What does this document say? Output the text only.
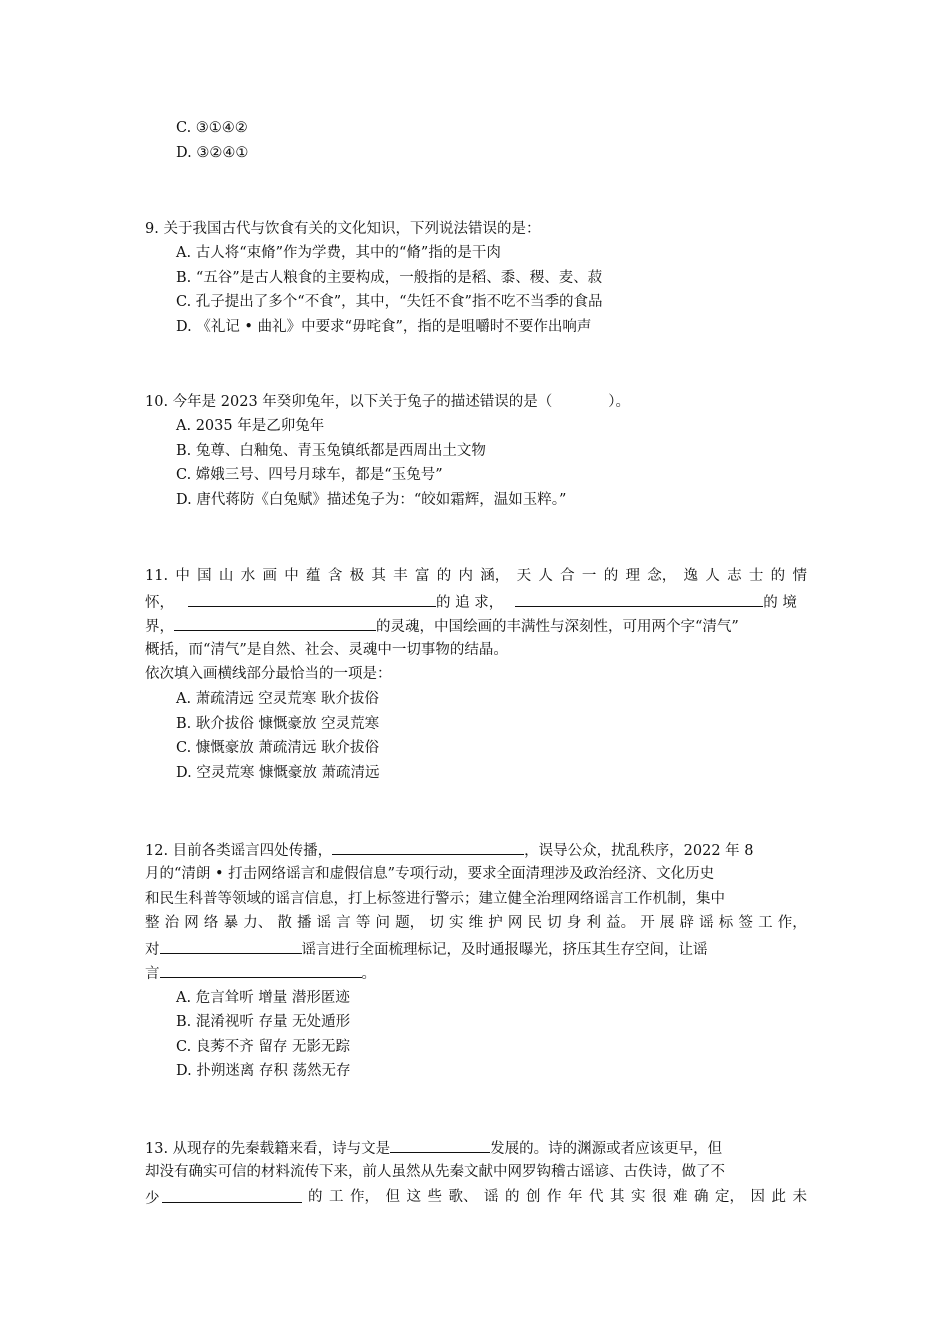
C. ③①④②
D. ③②④①
9. 关于我国古代与饮食有关的文化知识，下列说法错误的是：
A. 古人将“束脩”作为学费，其中的“脩”指的是干肉
B. “五谷”是古人粮食的主要构成，一般指的是稻、黍、稷、麦、菽
C. 孔子提出了多个“不食”，其中，“失饪不食”指不吃不当季的食品
D. 《礼记 • 曲礼》中要求“毋咤食”，指的是咀嚼时不要作出响声
10. 今年是 2023 年癸卯兔年，以下关于兔子的描述错误的是（	）。
A. 2035 年是乙卯兔年
B. 兔尊、白釉兔、青玉兔镇纸都是西周出土文物
C. 嫦娥三号、四号月球车，都是“玉兔号”
D. 唐代蒋防《白兔赋》描述兔子为：“皎如霜辉，温如玉粹。”
11. 中 国 山 水 画 中 蕴 含 极 其 丰 富 的 内 涵， 天 人 合 一 的 理 念， 逸 人 志 士 的 情
怀，	的 追 求，	的 境
界，	的灵魂，中国绘画的丰满性与深刻性，可用两个字“清气”
概括，而“清气”是自然、社会、灵魂中一切事物的结晶。
依次填入画横线部分最恰当的一项是：
A. 萧疏清远 空灵荒寒 耿介拔俗
B. 耿介拔俗 慷慨豪放 空灵荒寒
C. 慷慨豪放 萧疏清远 耿介拔俗
D. 空灵荒寒 慷慨豪放 萧疏清远
12. 目前各类谣言四处传播，	，误导公众，扰乱秩序，2022 年 8
月的“清朗 • 打击网络谣言和虚假信息”专项行动，要求全面清理涉及政治经济、文化历史
和民生科普等领域的谣言信息，打上标签进行警示；建立健全治理网络谣言工作机制，集中
整 治 网 络 暴 力、 散 播 谣 言 等 问 题， 切 实 维 护 网 民 切 身 利 益。 开 展 辟 谣 标 签 工 作，
对	谣言进行全面梳理标记，及时通报曝光，挤压其生存空间，让谣
言	。
A. 危言耸听 增量 潜形匿迹
B. 混淆视听 存量 无处遁形
C. 良莠不齐 留存 无影无踪
D. 扑朔迷离 存积 荡然无存
13. 从现存的先秦载籍来看，诗与文是	发展的。诗的渊源或者应该更早，但
却没有确实可信的材料流传下来，前人虽然从先秦文献中网罗钩稽古谣谚、古佚诗，做了不
少	的 工 作， 但 这 些 歌、 谣 的 创 作 年 代 其 实 很 难 确 定， 因 此 未
